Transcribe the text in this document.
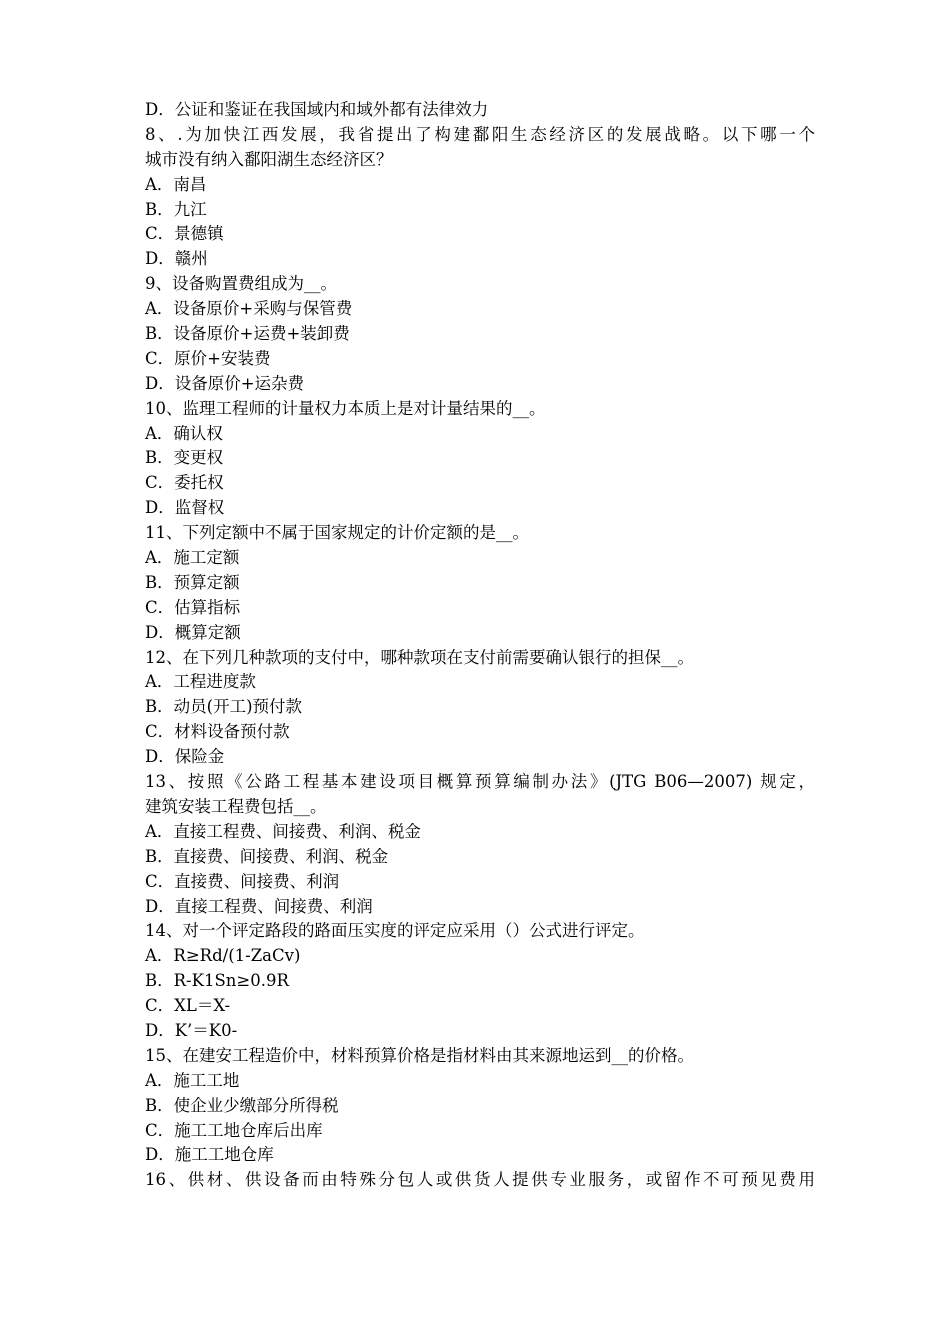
D．公证和鉴证在我国域内和域外都有法律效力
8、.为加快江西发展，我省提出了构建鄱阳生态经济区的发展战略。以下哪一个
城市没有纳入鄱阳湖生态经济区？
A．南昌
B．九江
C．景德镇
D．赣州
9、设备购置费组成为__。
A．设备原价+采购与保管费
B．设备原价+运费+装卸费
C．原价+安装费
D．设备原价+运杂费
10、监理工程师的计量权力本质上是对计量结果的__。
A．确认权
B．变更权
C．委托权
D．监督权
11、下列定额中不属于国家规定的计价定额的是__。
A．施工定额
B．预算定额
C．估算指标
D．概算定额
12、在下列几种款项的支付中，哪种款项在支付前需要确认银行的担保__。
A．工程进度款
B．动员(开工)预付款
C．材料设备预付款
D．保险金
13、按照《公路工程基本建设项目概算预算编制办法》(JTG B06—2007) 规定，
建筑安装工程费包括__。
A．直接工程费、间接费、利润、税金
B．直接费、间接费、利润、税金
C．直接费、间接费、利润
D．直接工程费、间接费、利润
14、对一个评定路段的路面压实度的评定应采用（）公式进行评定。
A．R≥Rd/(1-ZaCv)
B．R-K1Sn≥0.9R
C．XL＝X-
D．K’＝K0-
15、在建安工程造价中，材料预算价格是指材料由其来源地运到__的价格。
A．施工工地
B．使企业少缴部分所得税
C．施工工地仓库后出库
D．施工工地仓库
16、供材、供设备而由特殊分包人或供货人提供专业服务，或留作不可预见费用
